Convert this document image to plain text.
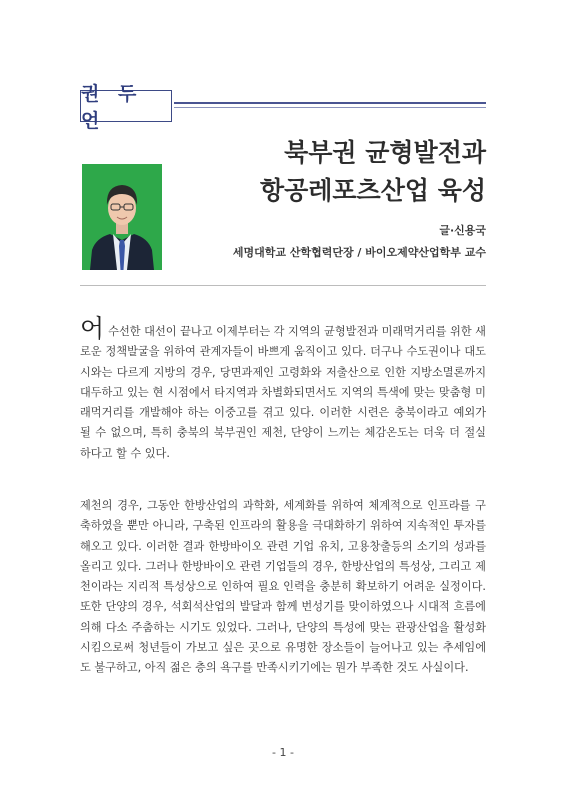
권 두 언
북부권 균형발전과
항공레포츠산업 육성
글·신용국
세명대학교 산학협력단장 / 바이오제약산업학부 교수

어수선한 대선이 끝나고 이제부터는 각 지역의 균형발전과 미래먹거리를 위한 새로운 정책발굴을 위하여 관계자들이 바쁘게 움직이고 있다. 더구나 수도권이나 대도시와는 다르게 지방의 경우, 당면과제인 고령화와 저출산으로 인한 지방소멸론까지 대두하고 있는 현 시점에서 타지역과 차별화되면서도 지역의 특색에 맞는 맞춤형 미래먹거리를 개발해야 하는 이중고를 겪고 있다. 이러한 시련은 충북이라고 예외가 될 수 없으며, 특히 충북의 북부권인 제천, 단양이 느끼는 체감온도는 더욱 더 절실하다고 할 수 있다.

제천의 경우, 그동안 한방산업의 과학화, 세계화를 위하여 체계적으로 인프라를 구축하였을 뿐만 아니라, 구축된 인프라의 활용을 극대화하기 위하여 지속적인 투자를 해오고 있다. 이러한 결과 한방바이오 관련 기업 유치, 고용창출등의 소기의 성과를 올리고 있다. 그러나 한방바이오 관련 기업들의 경우, 한방산업의 특성상, 그리고 제천이라는 지리적 특성상으로 인하여 필요 인력을 충분히 확보하기 어려운 실정이다. 또한 단양의 경우, 석회석산업의 발달과 함께 번성기를 맞이하였으나 시대적 흐름에 의해 다소 주춤하는 시기도 있었다. 그러나, 단양의 특성에 맞는 관광산업을 활성화시킴으로써 청년들이 가보고 싶은 곳으로 유명한 장소들이 늘어나고 있는 추세임에도 불구하고, 아직 젊은 층의 욕구를 만족시키기에는 뭔가 부족한 것도 사실이다.

- 1 -
